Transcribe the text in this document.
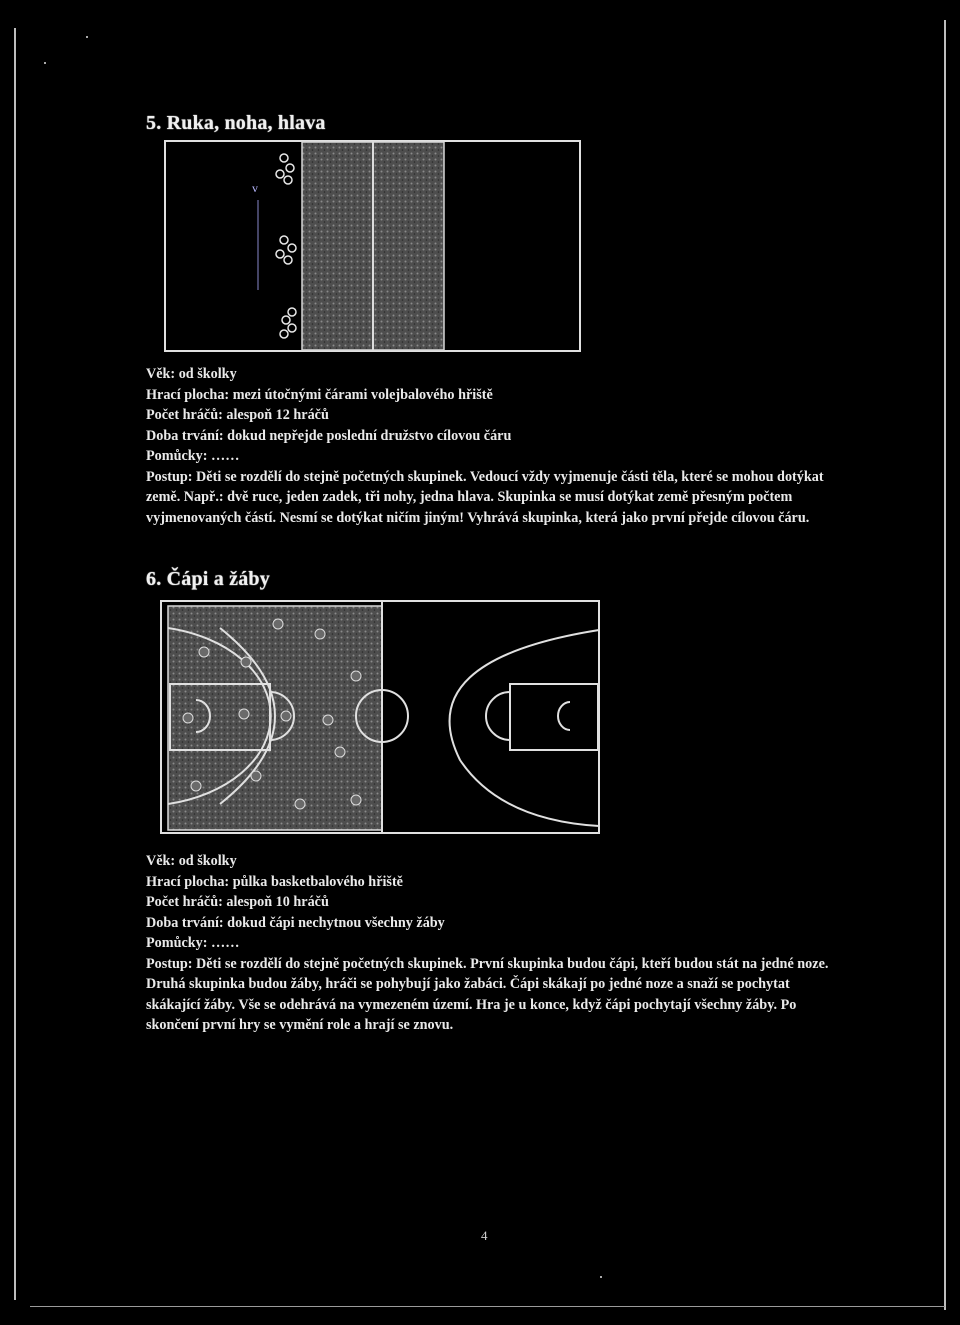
5. Ruka, noha, hlava
v
Věk: od školky
Hrací plocha: mezi útočnými čárami volejbalového hřiště
Počet hráčů: alespoň 12 hráčů
Doba trvání: dokud nepřejde poslední družstvo cílovou čáru
Pomůcky: ……
Postup: Děti se rozdělí do stejně početných skupinek. Vedoucí vždy vyjmenuje části těla, které se mohou dotýkat země. Např.: dvě ruce, jeden zadek, tři nohy, jedna hlava. Skupinka se musí dotýkat země přesným počtem vyjmenovaných částí. Nesmí se dotýkat ničím jiným! Vyhrává skupinka, která jako první přejde cílovou čáru.
6. Čápi a žáby
Věk: od školky
Hrací plocha: půlka basketbalového hřiště
Počet hráčů: alespoň 10 hráčů
Doba trvání: dokud čápi nechytnou všechny žáby
Pomůcky: ……
Postup: Děti se rozdělí do stejně početných skupinek. První skupinka budou čápi, kteří budou stát na jedné noze. Druhá skupinka budou žáby, hráči se pohybují jako žabáci. Čápi skákají po jedné noze a snaží se pochytat skákající žáby. Vše se odehrává na vymezeném území. Hra je u konce, když čápi pochytají všechny žáby. Po skončení první hry se vymění role a hrají se znovu.
4
